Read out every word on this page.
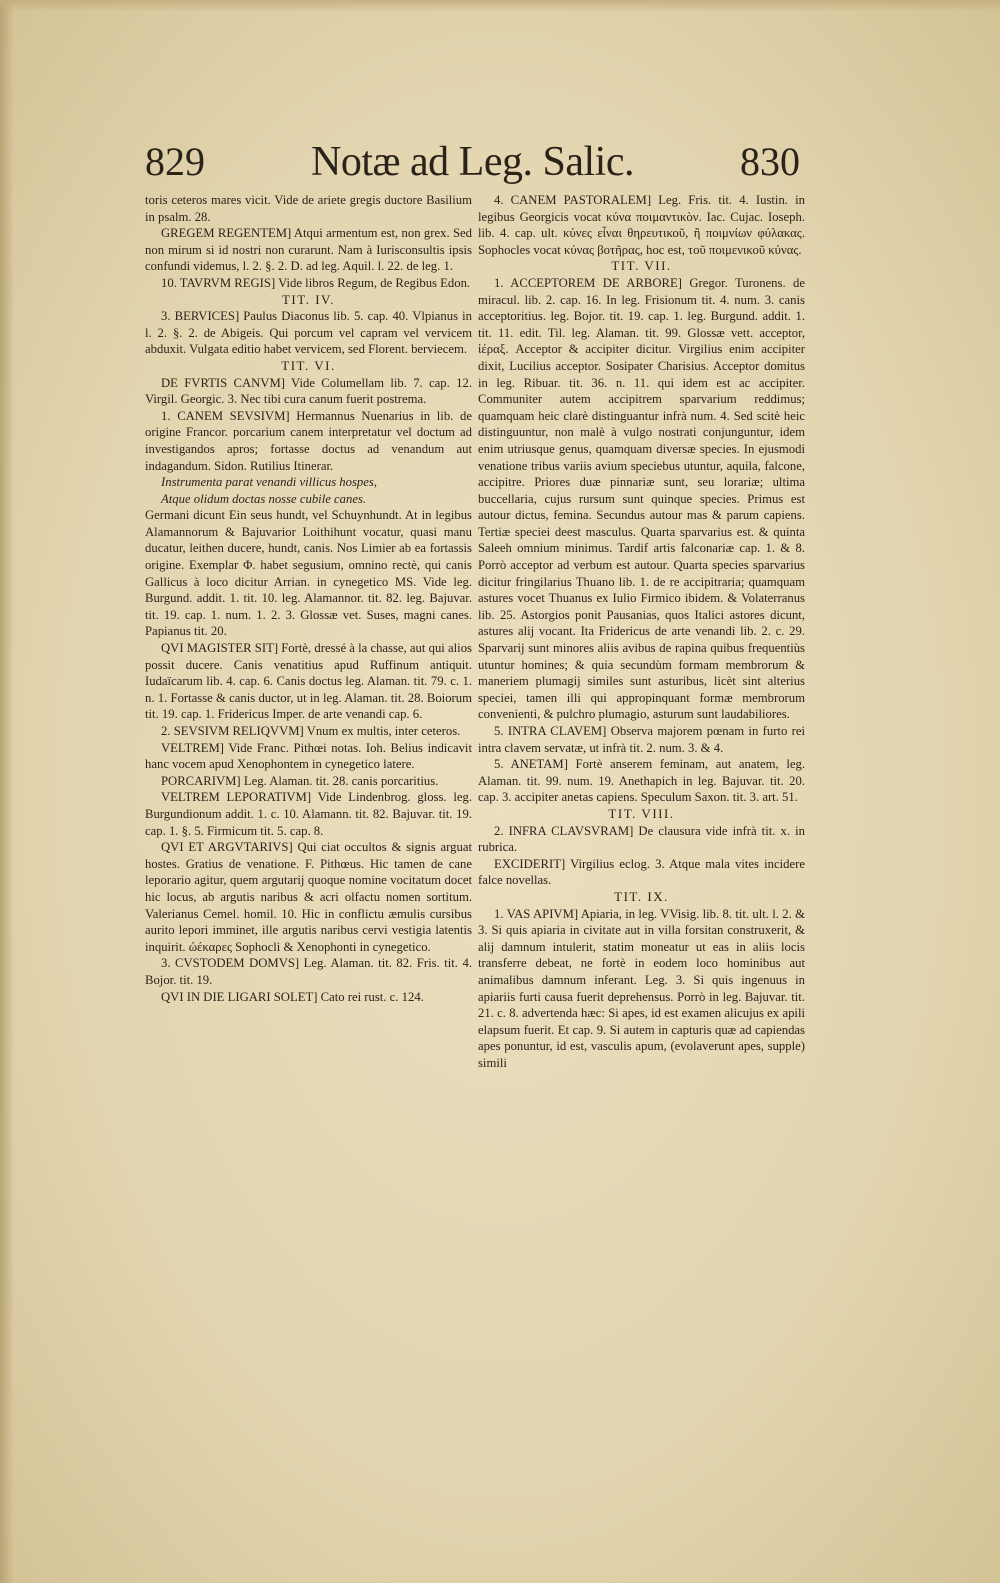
829	Notæ ad Leg. Salic.	830

toris ceteros mares vicit. Vide de ariete gregis ductore Basilium in psalm. 28.

GREGEM REGENTEM] Atqui armentum est, non grex. Sed non mirum si id nostri non curarunt. Nam à Iurisconsultis ipsis confundi videmus, l. 2. §. 2. D. ad leg. Aquil. l. 22. de leg. 1.

10. TAVRVM REGIS] Vide libros Regum, de Regibus Edon.

TIT. IV.

3. BERVICES] Paulus Diaconus lib. 5. cap. 40. Vlpianus in l. 2. §. 2. de Abigeis. Qui porcum vel capram vel vervicem abduxit. Vulgata editio habet vervicem, sed Florent. berviecem.

TIT. VI.

DE FVRTIS CANVM] Vide Columellam lib. 7. cap. 12. Virgil. Georgic. 3. Nec tibi cura canum fuerit postrema.

1. CANEM SEVSIVM] Hermannus Nuenarius in lib. de origine Francor. porcarium canem interpretatur vel doctum ad investigandos apros; fortasse doctus ad venandum aut indagandum. Sidon. Rutilius Itinerar.

Instrumenta parat venandi villicus hospes,

Atque olidum doctas nosse cubile canes.

Germani dicunt Ein seus hundt, vel Schuynhundt. At in legibus Alamannorum & Bajuvarior Loithihunt vocatur, quasi manu ducatur, leithen ducere, hundt, canis. Nos Limier ab ea fortassis origine. Exemplar Φ. habet segusium, omnino rectè, qui canis Gallicus à loco dicitur Arrian. in cynegetico MS. Vide leg. Burgund. addit. 1. tit. 10. leg. Alamannor. tit. 82. leg. Bajuvar. tit. 19. cap. 1. num. 1. 2. 3. Glossæ vet. Suses, magni canes. Papianus tit. 20.

QVI MAGISTER SIT] Fortè, dressé à la chasse, aut qui alios possit ducere. Canis venatitius apud Ruffinum antiquit. Iudaïcarum lib. 4. cap. 6. Canis doctus leg. Alaman. tit. 79. c. 1. n. 1. Fortasse & canis ductor, ut in leg. Alaman. tit. 28. Boiorum tit. 19. cap. 1. Fridericus Imper. de arte venandi cap. 6.

2. SEVSIVM RELIQVVM] Vnum ex multis, inter ceteros.

VELTREM] Vide Franc. Pithœi notas. Ioh. Belius indicavit hanc vocem apud Xenophontem in cynegetico latere.

PORCARIVM] Leg. Alaman. tit. 28. canis porcaritius.

VELTREM LEPORATIVM] Vide Lindenbrog. gloss. leg. Burgundionum addit. 1. c. 10. Alamann. tit. 82. Bajuvar. tit. 19. cap. 1. §. 5. Firmicum tit. 5. cap. 8.

QVI ET ARGVTARIVS] Qui ciat occultos & signis arguat hostes. Gratius de venatione. F. Pithœus. Hic tamen de cane leporario agitur, quem argutarij quoque nomine vocitatum docet hic locus, ab argutis naribus & acri olfactu nomen sortitum. Valerianus Cemel. homil. 10. Hic in conflictu æmulis cursibus aurito lepori imminet, ille argutis naribus cervi vestigia latentis inquirit. ὠέκαρες Sophocli & Xenophonti in cynegetico.

3. CVSTODEM DOMVS] Leg. Alaman. tit. 82. Fris. tit. 4. Bojor. tit. 19.

QVI IN DIE LIGARI SOLET] Cato rei rust. c. 124.

4. CANEM PASTORALEM] Leg. Fris. tit. 4. Iustin. in legibus Georgicis vocat κύνα ποιμαντικὸν. Iac. Cujac. Ioseph. lib. 4. cap. ult. κύνες εἶναι θηρευτικοῦ, ἢ ποιμνίων φύλακας. Sophocles vocat κύνας βοτῆρας, hoc est, τοῦ ποιμενικοῦ κύνας.

TIT. VII.

1. ACCEPTOREM DE ARBORE] Gregor. Turonens. de miracul. lib. 2. cap. 16. In leg. Frisionum tit. 4. num. 3. canis acceptoritius. leg. Bojor. tit. 19. cap. 1. leg. Burgund. addit. 1. tit. 11. edit. Til. leg. Alaman. tit. 99. Glossæ vett. acceptor, ἱέραξ. Acceptor & accipiter dicitur. Virgilius enim accipiter dixit, Lucilius acceptor. Sosipater Charisius. Acceptor domitus in leg. Ribuar. tit. 36. n. 11. qui idem est ac accipiter. Communiter autem accipitrem sparvarium reddimus; quamquam heic clarè distinguantur infrà num. 4. Sed scitè heic distinguuntur, non malè à vulgo nostrati conjunguntur, idem enim utriusque genus, quamquam diversæ species. In ejusmodi venatione tribus variis avium speciebus utuntur, aquila, falcone, accipitre. Priores duæ pinnariæ sunt, seu lorariæ; ultima buccellaria, cujus rursum sunt quinque species. Primus est autour dictus, femina. Secundus autour mas & parum capiens. Tertiæ speciei deest masculus. Quarta sparvarius est. & quinta Saleeh omnium minimus. Tardif artis falconariæ cap. 1. & 8. Porrò acceptor ad verbum est autour. Quarta species sparvarius dicitur fringilarius Thuano lib. 1. de re accipitraria; quamquam astures vocet Thuanus ex Iulio Firmico ibidem. & Volaterranus lib. 25. Astorgios ponit Pausanias, quos Italici astores dicunt, astures alij vocant. Ita Fridericus de arte venandi lib. 2. c. 29. Sparvarij sunt minores aliis avibus de rapina quibus frequentiùs utuntur homines; & quia secundùm formam membrorum & maneriem plumagij similes sunt asturibus, licèt sint alterius speciei, tamen illi qui appropinquant formæ membrorum convenienti, & pulchro plumagio, asturum sunt laudabiliores.

5. INTRA CLAVEM] Observa majorem pœnam in furto rei intra clavem servatæ, ut infrà tit. 2. num. 3. & 4.

5. ANETAM] Fortè anserem feminam, aut anatem, leg. Alaman. tit. 99. num. 19. Anethapich in leg. Bajuvar. tit. 20. cap. 3. accipiter anetas capiens. Speculum Saxon. tit. 3. art. 51.

TIT. VIII.

2. INFRA CLAVSVRAM] De clausura vide infrà tit. x. in rubrica.

EXCIDERIT] Virgilius eclog. 3. Atque mala vites incidere falce novellas.

TIT. IX.

1. VAS APIVM] Apiaria, in leg. VVisig. lib. 8. tit. ult. l. 2. & 3. Si quis apiaria in civitate aut in villa forsitan construxerit, & alij damnum intulerit, statim moneatur ut eas in aliis locis transferre debeat, ne fortè in eodem loco hominibus aut animalibus damnum inferant. Leg. 3. Si quis ingenuus in apiariis furti causa fuerit deprehensus. Porrò in leg. Bajuvar. tit. 21. c. 8. advertenda hæc: Si apes, id est examen alicujus ex apili elapsum fuerit. Et cap. 9. Si autem in capturis quæ ad capiendas apes ponuntur, id est, vasculis apum, (evolaverunt apes, supple) simili
